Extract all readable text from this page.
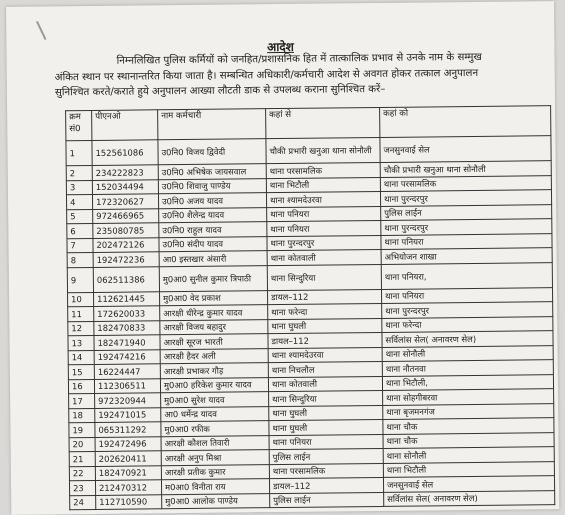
आदेश

निम्नलिखित पुलिस कर्मियों को जनहित/प्रशासनिक हित में तात्कालिक प्रभाव से उनके नाम के सम्मुख

अंकित स्थान पर स्थानान्तरित किया जाता है। सम्बन्धित अधिकारी/कर्मचारी आदेश से अवगत होकर तत्काल अनुपालन

सुनिश्चित करते/कराते हुये अनुपालन आख्या लौटती डाक से उपलब्ध कराना सुनिश्चित करें–

क्रम सं0	पीएनओ	नाम कर्मचारी	कहां से	कहां को
1	152561086	उ0नि0 विजय द्विवेदी	चौकी प्रभारी खनुआ थाना सोनौली	जनसुनवाई सेल
2	234222823	उ0नि0 अभिषेक जायसवाल	थाना परसामलिक	चौकी प्रभारी खनुआ थाना सोनौली
3	152034494	उ0नि0 शिवाजु पाण्डेय	थाना भिटौली	थाना परसामलिक
4	172320627	उ0नि0 अजय यादव	थाना श्यामदेउरवा	थाना पुरन्दरपुर
5	972466965	उ0नि0 शैलेन्द्र यादव	थाना पनियरा	पुलिस लाईन
6	235080785	उ0नि0 राहुल यादव	थाना पनियरा	थाना पुरन्दरपुर
7	202472126	उ0नि0 संदीप यादव	थाना पुरन्दरपुर	थाना पनियरा
8	192472236	आ0 इस्तखार अंसारी	थाना कोतवाली	अभियोजन शाखा
9	062511386	मु0आ0 सुनील कुमार त्रिपाठी	थाना सिन्दुरिया	थाना पनियरा,
10	112621445	मु0आ0 वेद प्रकाश	डायल–112	थाना पनियरा
11	172620033	आरक्षी धीरेन्द्र कुमार यादव	थाना फरेन्दा	थाना पुरन्दरपुर
12	182470833	आरक्षी विजय बहादुर	थाना घुघली	थाना फरेन्दा
13	182471940	आरक्षी सूरज भारती	डायल–112	सर्विलांस सेल( अनावरण सेल)
14	192474216	आरक्षी हैदर अली	थाना श्यामदेउरवा	थाना सोनौली
15	16224447	आरक्षी प्रभाकर गौड़	थाना निचलौल	थाना नौतनवा
16	112306511	मु0आ0 हरिकेश कुमार यादव	थाना कोतवाली	थाना भिटौली,
17	972320944	मु0आ0 सुरेश यादव	थाना सिन्दुरिया	थाना सोहगीबरवा
18	192471015	आ0 धर्मेन्द्र यादव	थाना घुघली	थाना बृजमनगंज
19	065311292	मु0आ0 रफीक	थाना घुघली	थाना चौक
20	192472496	आरक्षी कौशल तिवारी	थाना पनियरा	थाना चौक
21	202620411	आरक्षी अनुप मिश्रा	पुलिस लाईन	थाना सोनौली
22	182470921	आरक्षी प्रतीक कुमार	थाना परसामलिक	थाना भिटौली
23	212470312	म0आ0 विनीता राय	डायल–112	जनसुनवाई सेल
24	112710590	मु0आ0 आलोक पाण्डेय	पुलिस लाईन	सर्विलांस सेल( अनावरण सेल)
